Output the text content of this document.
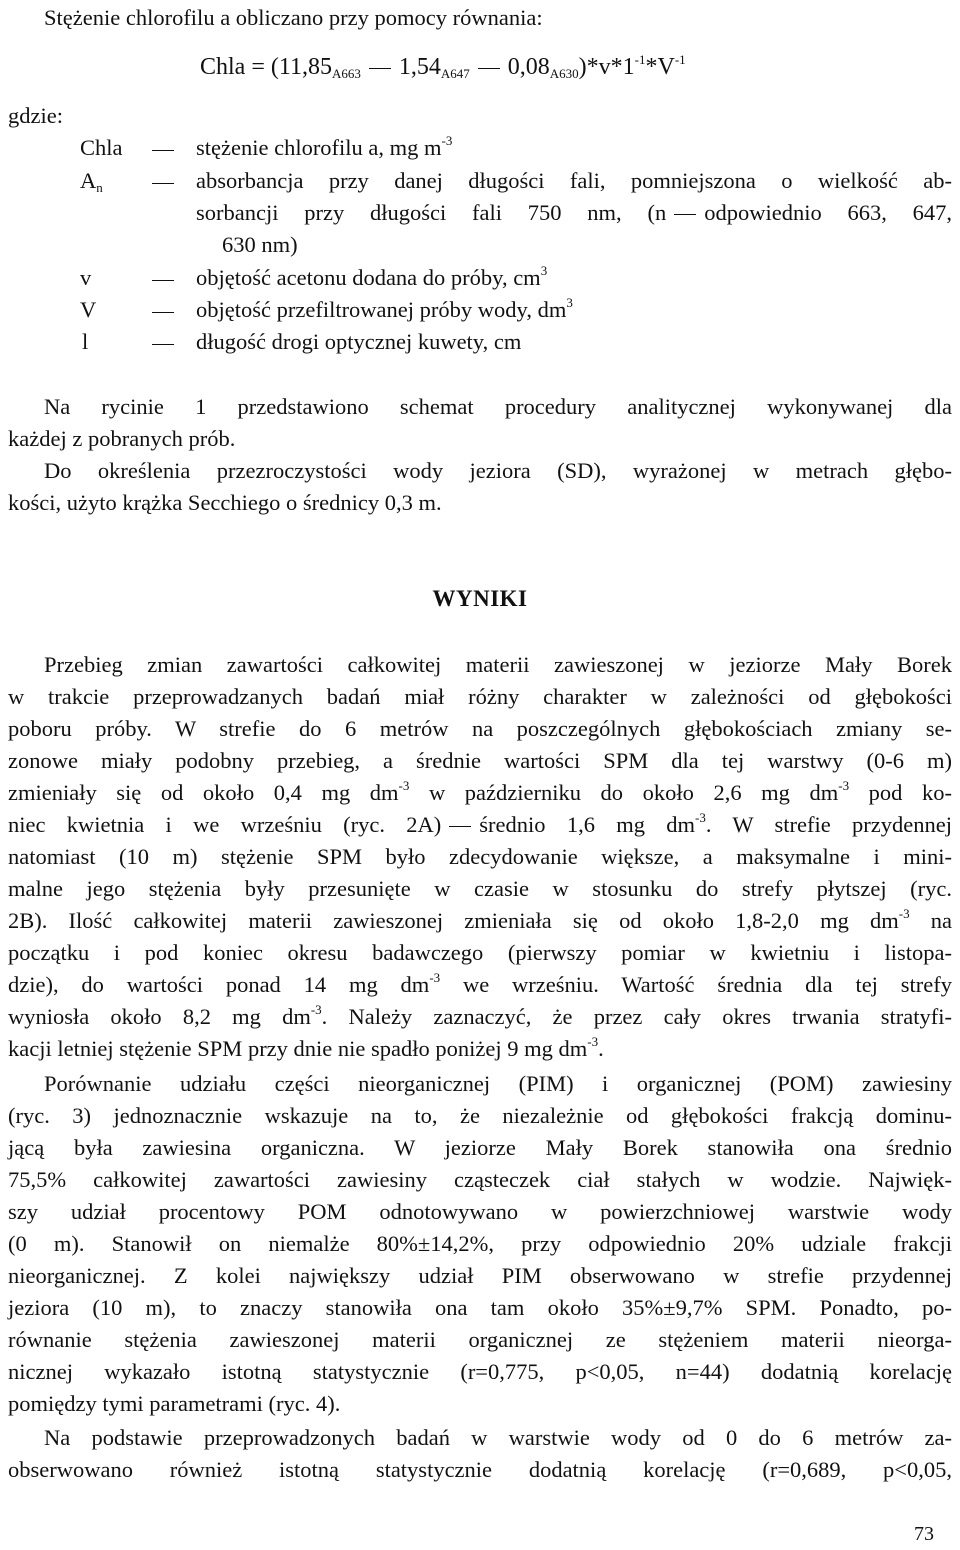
Stężenie chlorofilu a obliczano przy pomocy równania:
Chla = ($11,85_{A663}$ $1,54_{A647}$ $0,08_{A630})*v*1^{-1}*V^{-1}$
gdzie:
Chla	stężenie chlorofilu a, mg $m^{-3}$
$A_n$	absorbancja przy danej długości fali, pomniejszona o wielkość ab-
sorbancji przy długości fali 750 nm, (n odpowiednio 663, 647,
630 nm)
v	objętość acetonu dodana do próby, $cm^3$
V	objętość przefiltrowanej próby wody, $dm^3$
l	długość drogi optycznej kuwety, cm
Na rycinie 1 przedstawiono schemat procedury analitycznej wykonywanej dla
każdej z pobranych prób.
Do określenia przezroczystości wody jeziora (SD), wyrażonej w metrach głębo-
kości, użyto krążka Secchiego o średnicy 0,3 m.
WYNIKI
Przebieg zmian zawartości całkowitej materii zawieszonej w jeziorze Mały Borek
w trakcie przeprowadzanych badań miał różny charakter w zależności od głębokości
poboru próby. W strefie do 6 metrów na poszczególnych głębokościach zmiany se-
zonowe miały podobny przebieg, a średnie wartości SPM dla tej warstwy (0-6 m)
zmieniały się od około 0,4 mg $dm^{-3}$ w październiku do około 2,6 mg $dm^{-3}$ pod ko-
niec kwietnia i we wrześniu (ryc. 2A) średnio 1,6 mg $dm^{-3}$. W strefie przydennej
natomiast (10 m) stężenie SPM było zdecydowanie większe, a maksymalne i mini-
malne jego stężenia były przesunięte w czasie w stosunku do strefy płytszej (ryc.
2B). Ilość całkowitej materii zawieszonej zmieniała się od około 1,8-2,0 mg $dm^{-3}$ na
początku i pod koniec okresu badawczego (pierwszy pomiar w kwietniu i listopa-
dzie), do wartości ponad 14 mg $dm^{-3}$ we wrześniu. Wartość średnia dla tej strefy
wyniosła około 8,2 mg $dm^{-3}$. Należy zaznaczyć, że przez cały okres trwania stratyfi-
kacji letniej stężenie SPM przy dnie nie spadło poniżej 9 mg $dm^{-3}$.
Porównanie udziału części nieorganicznej (PIM) i organicznej (POM) zawiesiny
(ryc. 3) jednoznacznie wskazuje na to, że niezależnie od głębokości frakcją dominu-
jącą była zawiesina organiczna. W jeziorze Mały Borek stanowiła ona średnio
75,5% całkowitej zawartości zawiesiny cząsteczek ciał stałych w wodzie. Najwięk-
szy udział procentowy POM odnotowywano w powierzchniowej warstwie wody
(0 m). Stanowił on niemalże 80%±14,2%, przy odpowiednio 20% udziale frakcji
nieorganicznej. Z kolei największy udział PIM obserwowano w strefie przydennej
jeziora (10 m), to znaczy stanowiła ona tam około 35%±9,7% SPM. Ponadto, po-
równanie stężenia zawieszonej materii organicznej ze stężeniem materii nieorga-
nicznej wykazało istotną statystycznie (r=0,775, p<0,05, n=44) dodatnią korelację
pomiędzy tymi parametrami (ryc. 4).
Na podstawie przeprowadzonych badań w warstwie wody od 0 do 6 metrów za-
obserwowano również istotną statystycznie dodatnią korelację (r=0,689, p<0,05,
73
